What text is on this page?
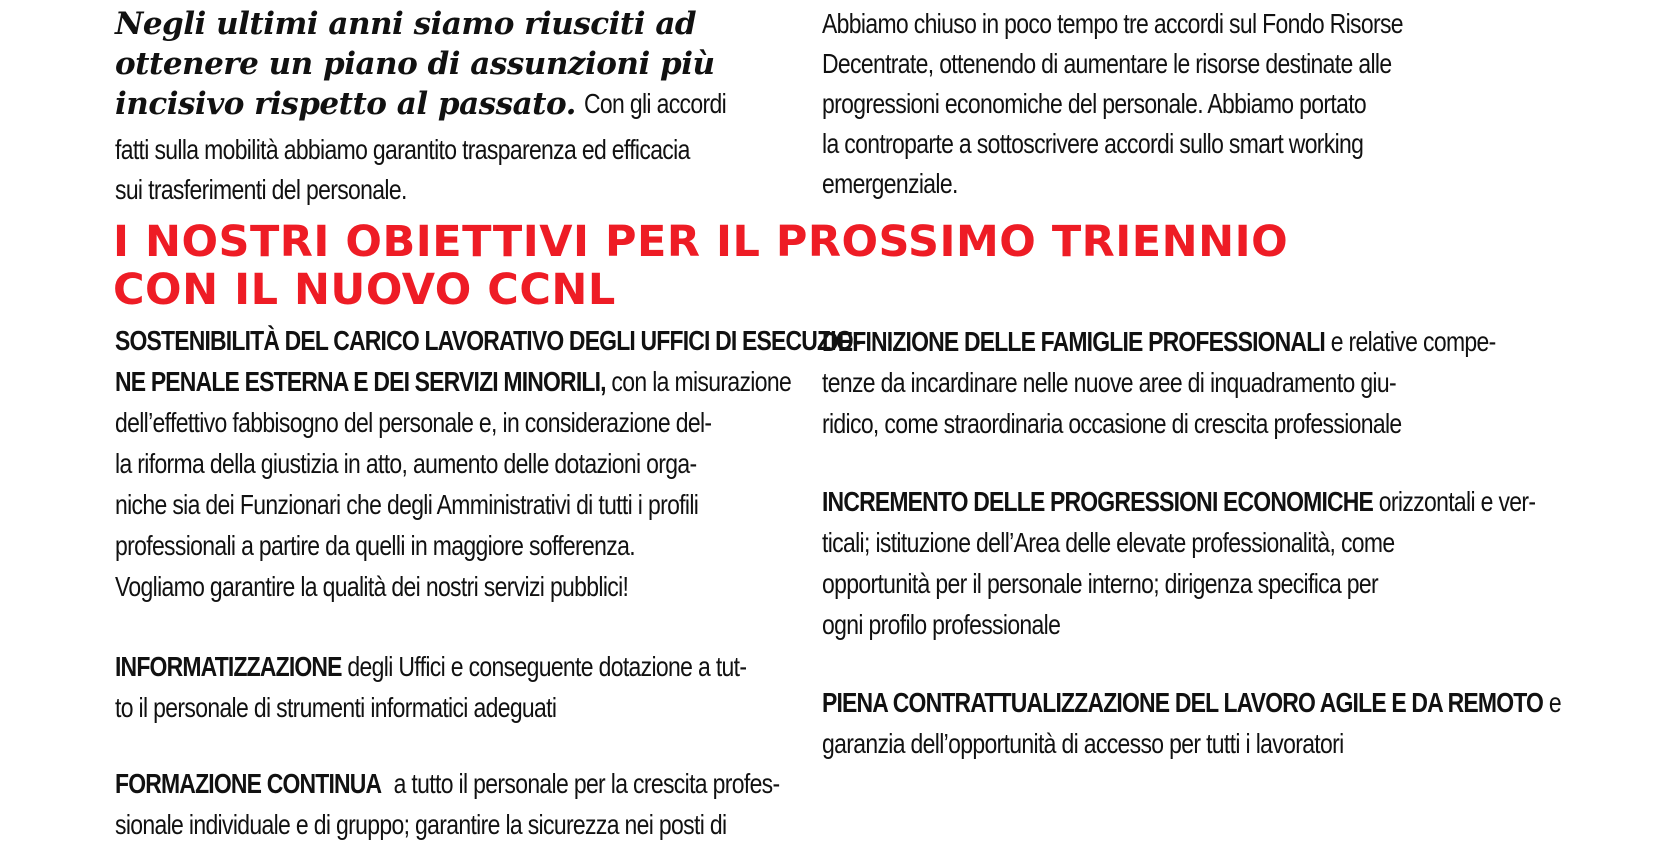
Negli ultimi anni siamo riusciti ad
ottenere un piano di assunzioni più
incisivo rispetto al passato. Con gli accordi
fatti sulla mobilità abbiamo garantito trasparenza ed efficacia
sui trasferimenti del personale.
Abbiamo chiuso in poco tempo tre accordi sul Fondo Risorse
Decentrate, ottenendo di aumentare le risorse destinate alle
progressioni economiche del personale. Abbiamo portato
la controparte a sottoscrivere accordi sullo smart working
emergenziale.
I NOSTRI OBIETTIVI PER IL PROSSIMO TRIENNIO
CON IL NUOVO CCNL
SOSTENIBILITÀ DEL CARICO LAVORATIVO DEGLI UFFICI DI ESECUZIO-
NE PENALE ESTERNA E DEI SERVIZI MINORILI, con la misurazione
dell’effettivo fabbisogno del personale e, in considerazione del-
la riforma della giustizia in atto, aumento delle dotazioni orga-
niche sia dei Funzionari che degli Amministrativi di tutti i profili
professionali a partire da quelli in maggiore sofferenza.
Vogliamo garantire la qualità dei nostri servizi pubblici!
INFORMATIZZAZIONE degli Uffici e conseguente dotazione a tut-
to il personale di strumenti informatici adeguati
FORMAZIONE CONTINUA a tutto il personale per la crescita profes-
sionale individuale e di gruppo; garantire la sicurezza nei posti di
DEFINIZIONE DELLE FAMIGLIE PROFESSIONALI e relative compe-
tenze da incardinare nelle nuove aree di inquadramento giu-
ridico, come straordinaria occasione di crescita professionale
INCREMENTO DELLE PROGRESSIONI ECONOMICHE orizzontali e ver-
ticali; istituzione dell’Area delle elevate professionalità, come
opportunità per il personale interno; dirigenza specifica per
ogni profilo professionale
PIENA CONTRATTUALIZZAZIONE DEL LAVORO AGILE E DA REMOTO e
garanzia dell’opportunità di accesso per tutti i lavoratori
